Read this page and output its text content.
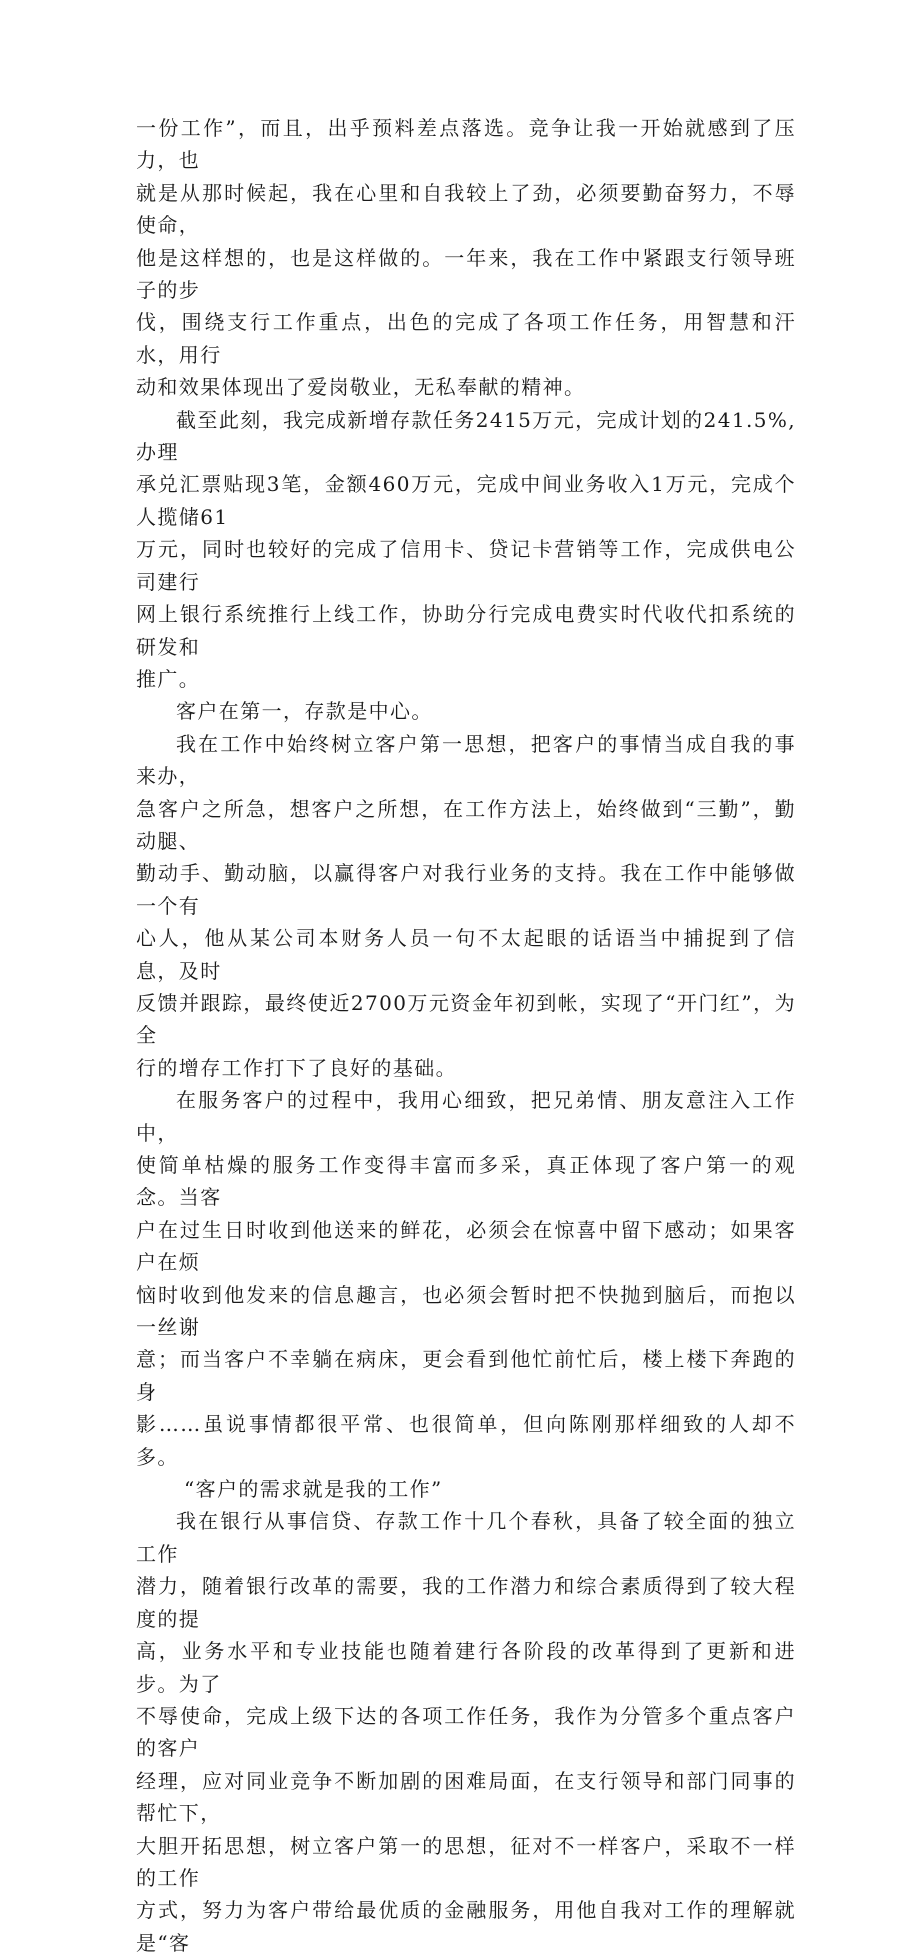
一份工作”，而且，出乎预料差点落选。竞争让我一开始就感到了压力，也
就是从那时候起，我在心里和自我较上了劲，必须要勤奋努力，不辱使命，
他是这样想的，也是这样做的。一年来，我在工作中紧跟支行领导班子的步
伐，围绕支行工作重点，出色的完成了各项工作任务，用智慧和汗水，用行
动和效果体现出了爱岗敬业，无私奉献的精神。

截至此刻，我完成新增存款任务2415万元，完成计划的241.5%,办理
承兑汇票贴现3笔，金额460万元，完成中间业务收入1万元，完成个人揽储61
万元，同时也较好的完成了信用卡、贷记卡营销等工作，完成供电公司建行
网上银行系统推行上线工作，协助分行完成电费实时代收代扣系统的研发和
推广。

客户在第一，存款是中心。

我在工作中始终树立客户第一思想，把客户的事情当成自我的事来办，
急客户之所急，想客户之所想，在工作方法上，始终做到“三勤”，勤动腿、
勤动手、勤动脑，以赢得客户对我行业务的支持。我在工作中能够做一个有
心人，他从某公司本财务人员一句不太起眼的话语当中捕捉到了信息，及时
反馈并跟踪，最终使近2700万元资金年初到帐，实现了“开门红”，为全
行的增存工作打下了良好的基础。

在服务客户的过程中，我用心细致，把兄弟情、朋友意注入工作中，
使简单枯燥的服务工作变得丰富而多采，真正体现了客户第一的观念。当客
户在过生日时收到他送来的鲜花，必须会在惊喜中留下感动；如果客户在烦
恼时收到他发来的信息趣言，也必须会暂时把不快抛到脑后，而抱以一丝谢
意；而当客户不幸躺在病床，更会看到他忙前忙后，楼上楼下奔跑的身
影……虽说事情都很平常、也很简单，但向陈刚那样细致的人却不多。

“客户的需求就是我的工作”

我在银行从事信贷、存款工作十几个春秋，具备了较全面的独立工作
潜力，随着银行改革的需要，我的工作潜力和综合素质得到了较大程度的提
高，业务水平和专业技能也随着建行各阶段的改革得到了更新和进步。为了
不辱使命，完成上级下达的各项工作任务，我作为分管多个重点客户的客户
经理，应对同业竞争不断加剧的困难局面，在支行领导和部门同事的帮忙下，
大胆开拓思想，树立客户第一的思想，征对不一样客户，采取不一样的工作
方式，努力为客户带给最优质的金融服务，用他自我对工作的理解就是“客
